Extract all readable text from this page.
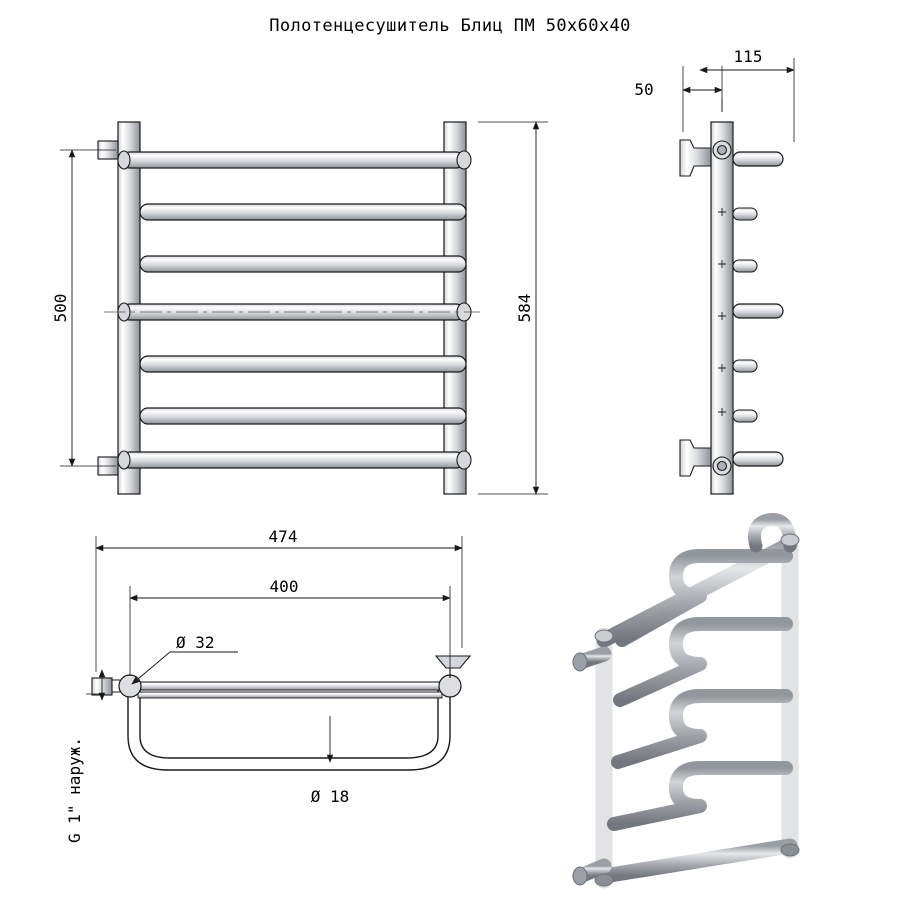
Полотенцесушитель Блиц ПМ 50x60x40
500	584
50
115
474
400
Ø 32
Ø 18
G 1" наруж.
